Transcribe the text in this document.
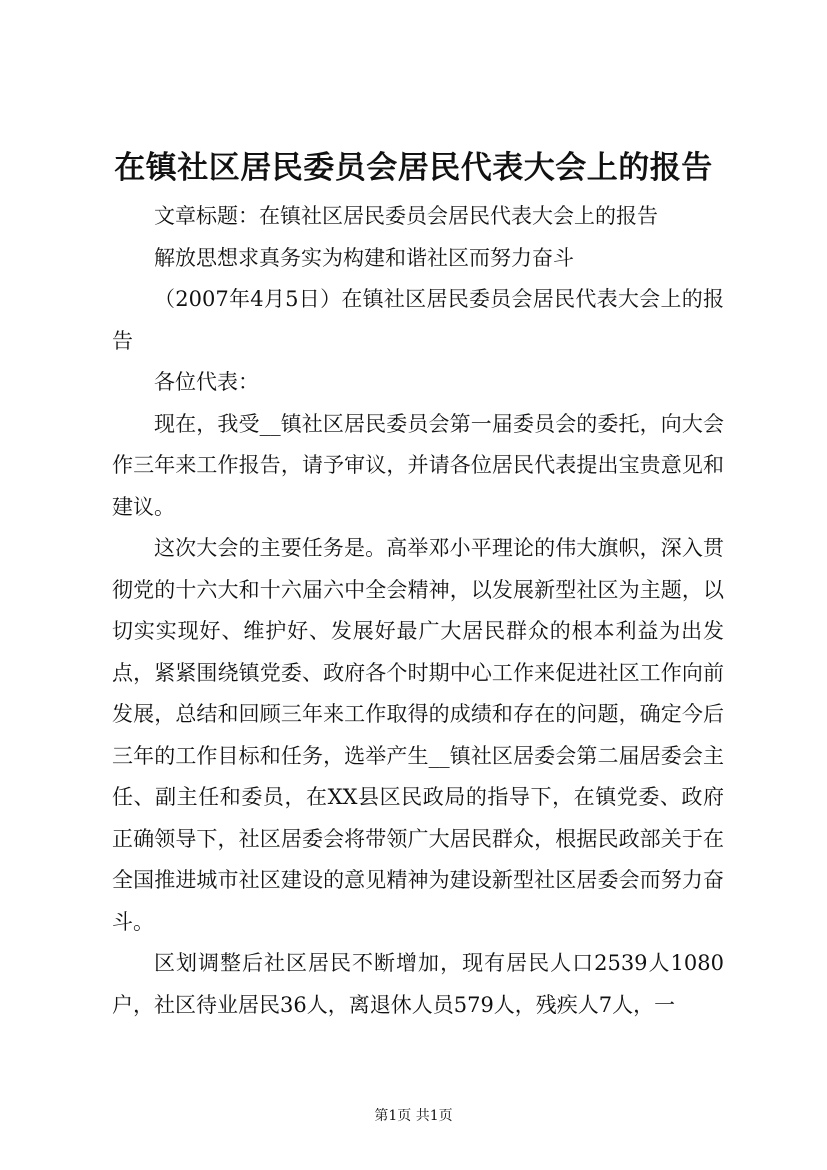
在镇社区居民委员会居民代表大会上的报告

文章标题：在镇社区居民委员会居民代表大会上的报告

解放思想求真务实为构建和谐社区而努力奋斗

（2007年4月5日）在镇社区居民委员会居民代表大会上的报告

各位代表：

现在，我受__镇社区居民委员会第一届委员会的委托，向大会作三年来工作报告，请予审议，并请各位居民代表提出宝贵意见和建议。

这次大会的主要任务是。高举邓小平理论的伟大旗帜，深入贯彻党的十六大和十六届六中全会精神，以发展新型社区为主题，以切实实现好、维护好、发展好最广大居民群众的根本利益为出发点，紧紧围绕镇党委、政府各个时期中心工作来促进社区工作向前发展，总结和回顾三年来工作取得的成绩和存在的问题，确定今后三年的工作目标和任务，选举产生__镇社区居委会第二届居委会主任、副主任和委员，在XX县区民政局的指导下，在镇党委、政府正确领导下，社区居委会将带领广大居民群众，根据民政部关于在全国推进城市社区建设的意见精神为建设新型社区居委会而努力奋斗。

区划调整后社区居民不断增加，现有居民人口2539人1080户，社区待业居民36人，离退休人员579人，残疾人7人，一

第1页 共1页
